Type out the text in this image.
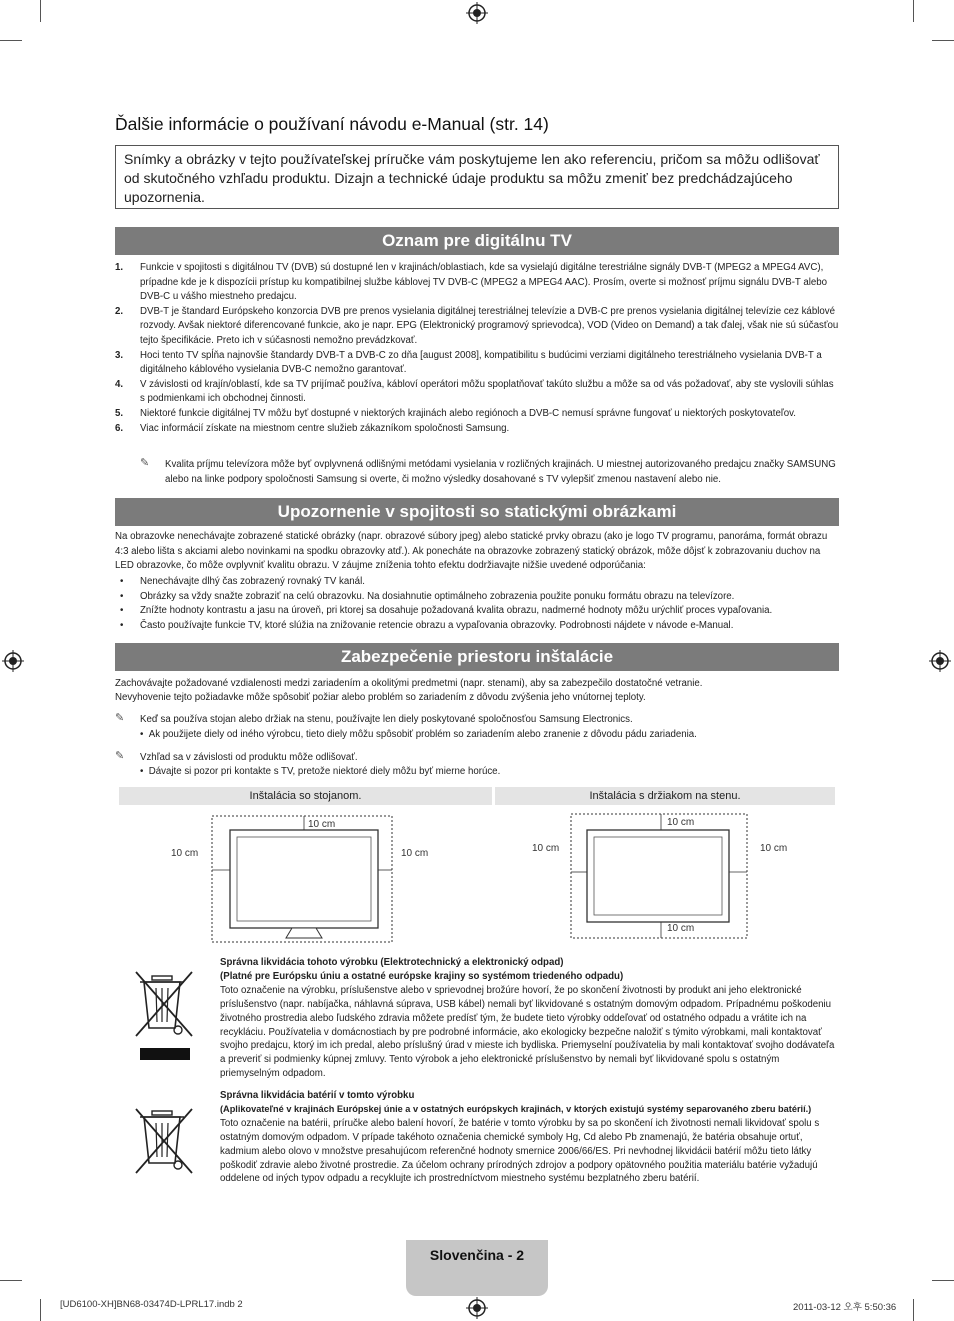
Ďalšie informácie o používaní návodu e-Manual (str. 14)
Snímky a obrázky v tejto používateľskej príručke vám poskytujeme len ako referenciu, pričom sa môžu odlišovať od skutočného vzhľadu produktu. Dizajn a technické údaje produktu sa môžu zmeniť bez predchádzajúceho upozornenia.
Oznam pre digitálnu TV
1. Funkcie v spojitosti s digitálnou TV (DVB) sú dostupné len v krajinách/oblastiach, kde sa vysielajú digitálne terestriálne signály DVB-T (MPEG2 a MPEG4 AVC), prípadne kde je k dispozícii prístup ku kompatibilnej službe káblovej TV DVB-C (MPEG2 a MPEG4 AAC). Prosím, overte si možnosť príjmu signálu DVB-T alebo DVB-C u vášho miestneho predajcu.
2. DVB-T je štandard Európskeho konzorcia DVB pre prenos vysielania digitálnej terestriálnej televízie a DVB-C pre prenos vysielania digitálnej televízie cez káblové rozvody. Avšak niektoré diferencované funkcie, ako je napr. EPG (Elektronický programový sprievodca), VOD (Video on Demand) a tak ďalej, však nie sú súčasťou tejto špecifikácie. Preto ich v súčasnosti nemožno prevádzkovať.
3. Hoci tento TV spĺňa najnovšie štandardy DVB-T a DVB-C zo dňa [august 2008], kompatibilitu s budúcimi verziami digitálneho terestriálneho vysielania DVB-T a digitálneho káblového vysielania DVB-C nemožno garantovať.
4. V závislosti od krajín/oblastí, kde sa TV prijímač používa, kábloví operátori môžu spoplatňovať takúto službu a môže sa od vás požadovať, aby ste vyslovili súhlas s podmienkami ich obchodnej činnosti.
5. Niektoré funkcie digitálnej TV môžu byť dostupné v niektorých krajinách alebo regiónoch a DVB-C nemusí správne fungovať u niektorých poskytovateľov.
6. Viac informácií získate na miestnom centre služieb zákazníkom spoločnosti Samsung.
✎ Kvalita príjmu televízora môže byť ovplyvnená odlišnými metódami vysielania v rozličných krajinách. U miestnej autorizovaného predajcu značky SAMSUNG alebo na linke podpory spoločnosti Samsung si overte, či možno výsledky dosahované s TV vylepšiť zmenou nastavení alebo nie.
Upozornenie v spojitosti so statickými obrázkami
Na obrazovke nenechávajte zobrazené statické obrázky (napr. obrazové súbory jpeg) alebo statické prvky obrazu (ako je logo TV programu, panoráma, formát obrazu 4:3 alebo lišta s akciami alebo novinkami na spodku obrazovky atď.). Ak ponecháte na obrazovke zobrazený statický obrázok, môže dôjsť k zobrazovaniu duchov na LED obrazovke, čo môže ovplyvniť kvalitu obrazu. V záujme zníženia tohto efektu dodržiavajte nižšie uvedené odporúčania:
• Nenechávajte dlhý čas zobrazený rovnaký TV kanál.
• Obrázky sa vždy snažte zobraziť na celú obrazovku. Na dosiahnutie optimálneho zobrazenia použite ponuku formátu obrazu na televízore.
• Znížte hodnoty kontrastu a jasu na úroveň, pri ktorej sa dosahuje požadovaná kvalita obrazu, nadmerné hodnoty môžu urýchliť proces vypaľovania.
• Často používajte funkcie TV, ktoré slúžia na znižovanie retencie obrazu a vypaľovania obrazovky. Podrobnosti nájdete v návode e-Manual.
Zabezpečenie priestoru inštalácie
Zachovávajte požadované vzdialenosti medzi zariadením a okolitými predmetmi (napr. stenami), aby sa zabezpečilo dostatočné vetranie.
Nevyhovenie tejto požiadavke môže spôsobiť požiar alebo problém so zariadením z dôvodu zvýšenia jeho vnútornej teploty.
✎ Keď sa používa stojan alebo držiak na stenu, používajte len diely poskytované spoločnosťou Samsung Electronics.
•  Ak použijete diely od iného výrobcu, tieto diely môžu spôsobiť problém so zariadením alebo zranenie z dôvodu pádu zariadenia.
✎ Vzhľad sa v závislosti od produktu môže odlišovať.
•  Dávajte si pozor pri kontakte s TV, pretože niektoré diely môžu byť mierne horúce.
Inštalácia so stojanom.	Inštalácia s držiakom na stenu.
10 cm
10 cm	10 cm
10 cm
10 cm	10 cm
10 cm
Správna likvidácia tohoto výrobku (Elektrotechnický a elektronický odpad)
(Platné pre Európsku úniu a ostatné európske krajiny so systémom triedeného odpadu)
Toto označenie na výrobku, príslušenstve alebo v sprievodnej brožúre hovorí, že po skončení životnosti by produkt ani jeho elektronické príslušenstvo (napr. nabíjačka, náhlavná súprava, USB kábel) nemali byť likvidované s ostatným domovým odpadom. Prípadnému poškodeniu životného prostredia alebo ľudského zdravia môžete predísť tým, že budete tieto výrobky oddeľovať od ostatného odpadu a vrátite ich na recykláciu. Používatelia v domácnostiach by pre podrobné informácie, ako ekologicky bezpečne naložiť s týmito výrobkami, mali kontaktovať svojho predajcu, ktorý im ich predal, alebo príslušný úrad v mieste ich bydliska. Priemyselní používatelia by mali kontaktovať svojho dodávateľa a preveriť si podmienky kúpnej zmluvy. Tento výrobok a jeho elektronické príslušenstvo by nemali byť likvidované spolu s ostatným priemyselným odpadom.
Správna likvidácia batérií v tomto výrobku
(Aplikovateľné v krajinách Európskej únie a v ostatných európskych krajinách, v ktorých existujú systémy separovaného zberu batérií.)
Toto označenie na batérii, príručke alebo balení hovorí, že batérie v tomto výrobku by sa po skončení ich životnosti nemali likvidovať spolu s ostatným domovým odpadom. V prípade takéhoto označenia chemické symboly Hg, Cd alebo Pb znamenajú, že batéria obsahuje ortuť, kadmium alebo olovo v množstve presahujúcom referenčné hodnoty smernice 2006/66/ES. Pri nevhodnej likvidácii batérií môžu tieto látky poškodiť zdravie alebo životné prostredie. Za účelom ochrany prírodných zdrojov a podpory opätovného použitia materiálu batérie vyžadujú oddelene od iných typov odpadu a recyklujte ich prostredníctvom miestneho systému bezplatného zberu batérií.
Slovenčina - 2
[UD6100-XH]BN68-03474D-LPRL17.indb 2	2011-03-12 오후 5:50:36
